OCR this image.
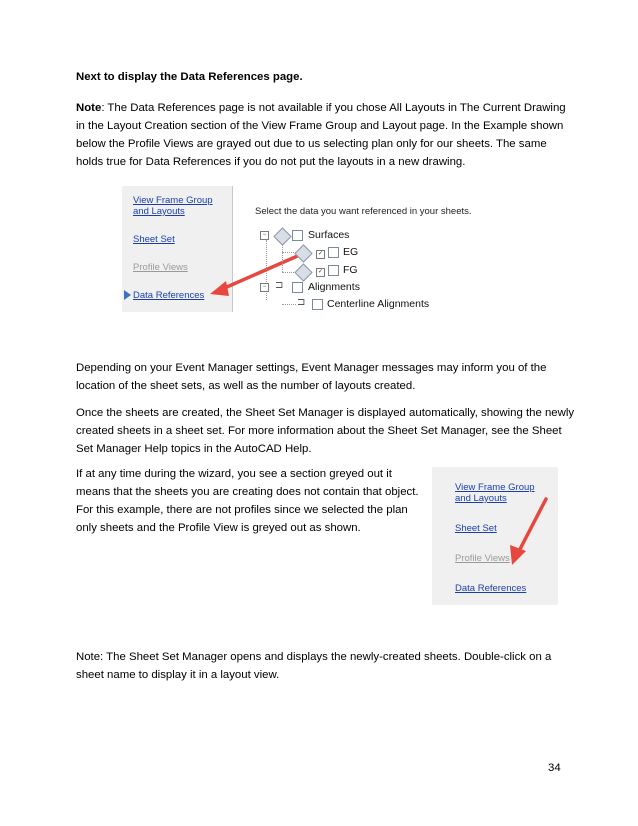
Next to display the Data References page.

Note: The Data References page is not available if you chose All Layouts in The Current Drawing in the Layout Creation section of the View Frame Group and Layout page. In the Example shown below the Profile Views are grayed out due to us selecting plan only for our sheets. The same holds true for Data References if you do not put the layouts in a new drawing.

View Frame Group
and Layouts
Sheet Set
Profile Views
Data References
Select the data you want referenced in your sheets.
−	Surfaces
✓ EG
✓ FG
− ⊐ Alignments
⊐ Centerline Alignments

Depending on your Event Manager settings, Event Manager messages may inform you of the location of the sheet sets, as well as the number of layouts created.

Once the sheets are created, the Sheet Set Manager is displayed automatically, showing the newly created sheets in a sheet set. For more information about the Sheet Set Manager, see the Sheet Set Manager Help topics in the AutoCAD Help.

If at any time during the wizard, you see a section greyed out it means that the sheets you are creating does not contain that object. For this example, there are not profiles since we selected the plan only sheets and the Profile View is greyed out as shown.

View Frame Group
and Layouts
Sheet Set
Profile Views
Data References

Note: The Sheet Set Manager opens and displays the newly-created sheets. Double-click on a sheet name to display it in a layout view.

34
